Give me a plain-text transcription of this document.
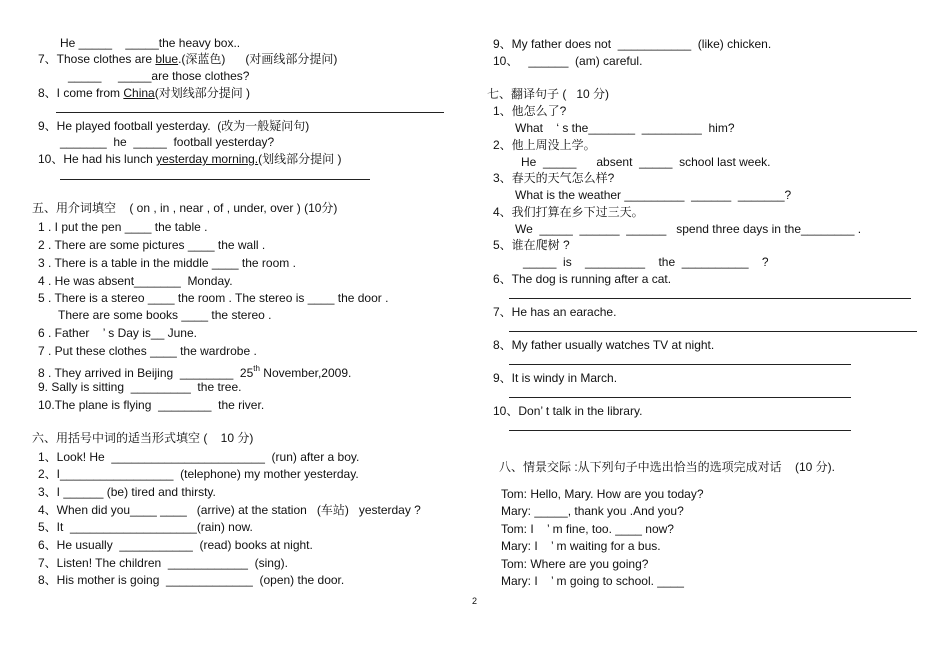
He _____    _____the heavy box..
7、Those clothes are blue.(深蓝色)      (对画线部分提问)
_____     _____are those clothes?
8、I come from China(对划线部分提问 )
9、He played football yesterday.  (改为一般疑问句)
_______  he  _____  football yesterday?
10、He had his lunch yesterday morning.(划线部分提问 )
五、用介词填空    ( on , in , near , of , under, over ) (10分)
1 . I put the pen ____ the table .
2 . There are some pictures ____ the wall .
3 . There is a table in the middle ____ the room .
4 . He was absent_______  Monday.
5 . There is a stereo ____ the room . The stereo is ____ the door .
There are some books ____ the stereo .
6 . Father    ’ s Day is__ June.
7 . Put these clothes ____ the wardrobe .
8 . They arrived in Beijing  ________  25th November,2009.
9. Sally is sitting  _________  the tree.
10.The plane is flying  ________  the river.
六、用括号中词的适当形式填空 (    10 分)
1、Look! He  _______________________  (run) after a boy.
2、I_________________  (telephone) my mother yesterday.
3、I ______ (be) tired and thirsty.
4、When did you____ ____   (arrive) at the station   (车站)   yesterday ?
5、It  ___________________(rain) now.
6、He usually  ___________  (read) books at night.
7、Listen! The children  ____________  (sing).
8、His mother is going  _____________  (open) the door.
9、My father does not  ___________  (like) chicken.
10、   ______  (am) careful.
七、翻译句子 (   10 分)
1、他怎么了?
What    ‘ s the_______  _________  him?
2、他上周没上学。
He  _____      absent  _____  school last week.
3、春天的天气怎么样?
What is the weather _________  ______  _______?
4、我们打算在乡下过三天。
We  _____  ______  ______   spend three days in the________ .
5、谁在爬树 ?
_____  is    _________    the  __________    ?
6、The dog is running after a cat.
7、He has an earache.
8、My father usually watches TV at night.
9、It is windy in March.
10、Don’ t talk in the library.
八、情景交际 :从下列句子中选出恰当的选项完成对话    (10 分).
Tom: Hello, Mary. How are you today?
Mary: _____, thank you .And you?
Tom: I    ’ m fine, too. ____ now?
Mary: I    ’ m waiting for a bus.
Tom: Where are you going?
Mary: I    ’ m going to school. ____
2
